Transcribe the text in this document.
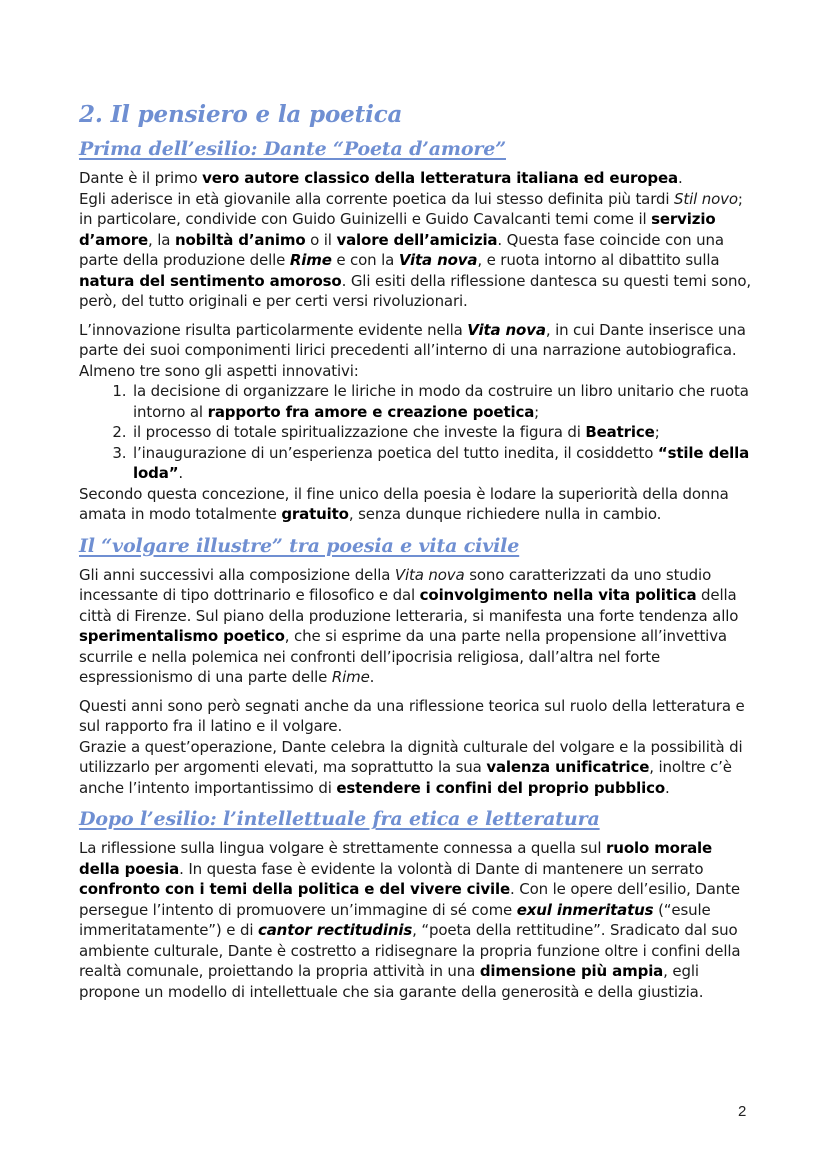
2. Il pensiero e la poetica
Prima dell’esilio: Dante “Poeta d’amore”

Dante è il primo vero autore classico della letteratura italiana ed europea.
Egli aderisce in età giovanile alla corrente poetica da lui stesso definita più tardi Stil novo; in particolare, condivide con Guido Guinizelli e Guido Cavalcanti temi come il servizio d’amore, la nobiltà d’animo o il valore dell’amicizia. Questa fase coincide con una parte della produzione delle Rime e con la Vita nova, e ruota intorno al dibattito sulla natura del sentimento amoroso. Gli esiti della riflessione dantesca su questi temi sono, però, del tutto originali e per certi versi rivoluzionari.

L’innovazione risulta particolarmente evidente nella Vita nova, in cui Dante inserisce una parte dei suoi componimenti lirici precedenti all’interno di una narrazione autobiografica. Almeno tre sono gli aspetti innovativi:

1. la decisione di organizzare le liriche in modo da costruire un libro unitario che ruota intorno al rapporto fra amore e creazione poetica;
2. il processo di totale spiritualizzazione che investe la figura di Beatrice;
3. l’inaugurazione di un’esperienza poetica del tutto inedita, il cosiddetto “stile della loda”.

Secondo questa concezione, il fine unico della poesia è lodare la superiorità della donna amata in modo totalmente gratuito, senza dunque richiedere nulla in cambio.

Il “volgare illustre” tra poesia e vita civile

Gli anni successivi alla composizione della Vita nova sono caratterizzati da uno studio incessante di tipo dottrinario e filosofico e dal coinvolgimento nella vita politica della città di Firenze. Sul piano della produzione letteraria, si manifesta una forte tendenza allo sperimentalismo poetico, che si esprime da una parte nella propensione all’invettiva scurrile e nella polemica nei confronti dell’ipocrisia religiosa, dall’altra nel forte espressionismo di una parte delle Rime.

Questi anni sono però segnati anche da una riflessione teorica sul ruolo della letteratura e sul rapporto fra il latino e il volgare.
Grazie a quest’operazione, Dante celebra la dignità culturale del volgare e la possibilità di utilizzarlo per argomenti elevati, ma soprattutto la sua valenza unificatrice, inoltre c’è anche l’intento importantissimo di estendere i confini del proprio pubblico.

Dopo l’esilio: l’intellettuale fra etica e letteratura

La riflessione sulla lingua volgare è strettamente connessa a quella sul ruolo morale della poesia. In questa fase è evidente la volontà di Dante di mantenere un serrato confronto con i temi della politica e del vivere civile. Con le opere dell’esilio, Dante persegue l’intento di promuovere un’immagine di sé come exul inmeritatus (“esule immeritatamente”) e di cantor rectitudinis, “poeta della rettitudine”. Sradicato dal suo ambiente culturale, Dante è costretto a ridisegnare la propria funzione oltre i confini della realtà comunale, proiettando la propria attività in una dimensione più ampia, egli propone un modello di intellettuale che sia garante della generosità e della giustizia.

2
